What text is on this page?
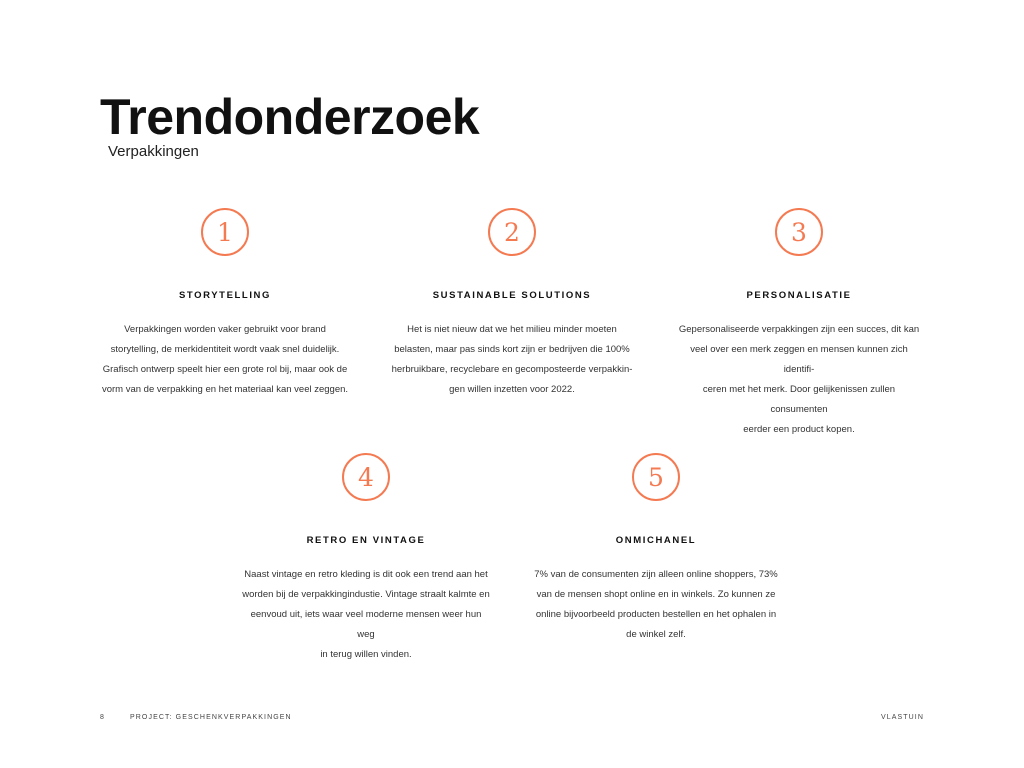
Trendonderzoek
Verpakkingen
1
STORYTELLING
Verpakkingen worden vaker gebruikt voor brand
storytelling, de merkidentiteit wordt vaak snel duidelijk.
Grafisch ontwerp speelt hier een grote rol bij, maar ook de
vorm van de verpakking en het materiaal kan veel zeggen.
2
SUSTAINABLE SOLUTIONS
Het is niet nieuw dat we het milieu minder moeten
belasten, maar pas sinds kort zijn er bedrijven die 100%
herbruikbare, recyclebare en gecomposteerde verpakkin-
gen willen inzetten voor 2022.
3
PERSONALISATIE
Gepersonaliseerde verpakkingen zijn een succes, dit kan
veel over een merk zeggen en mensen kunnen zich identifi-
ceren met het merk. Door gelijkenissen zullen consumenten
eerder een product kopen.
4
RETRO EN VINTAGE
Naast vintage en retro kleding is dit ook een trend aan het
worden bij de verpakkingindustie. Vintage straalt kalmte en
eenvoud uit, iets waar veel moderne mensen weer hun weg
in terug willen vinden.
5
ONMICHANEL
7% van de consumenten zijn alleen online shoppers, 73%
van de mensen shopt online en in winkels. Zo kunnen ze
online bijvoorbeeld producten bestellen en het ophalen in
de winkel zelf.
8	PROJECT: GESCHENKVERPAKKINGEN	VLASTUIN
